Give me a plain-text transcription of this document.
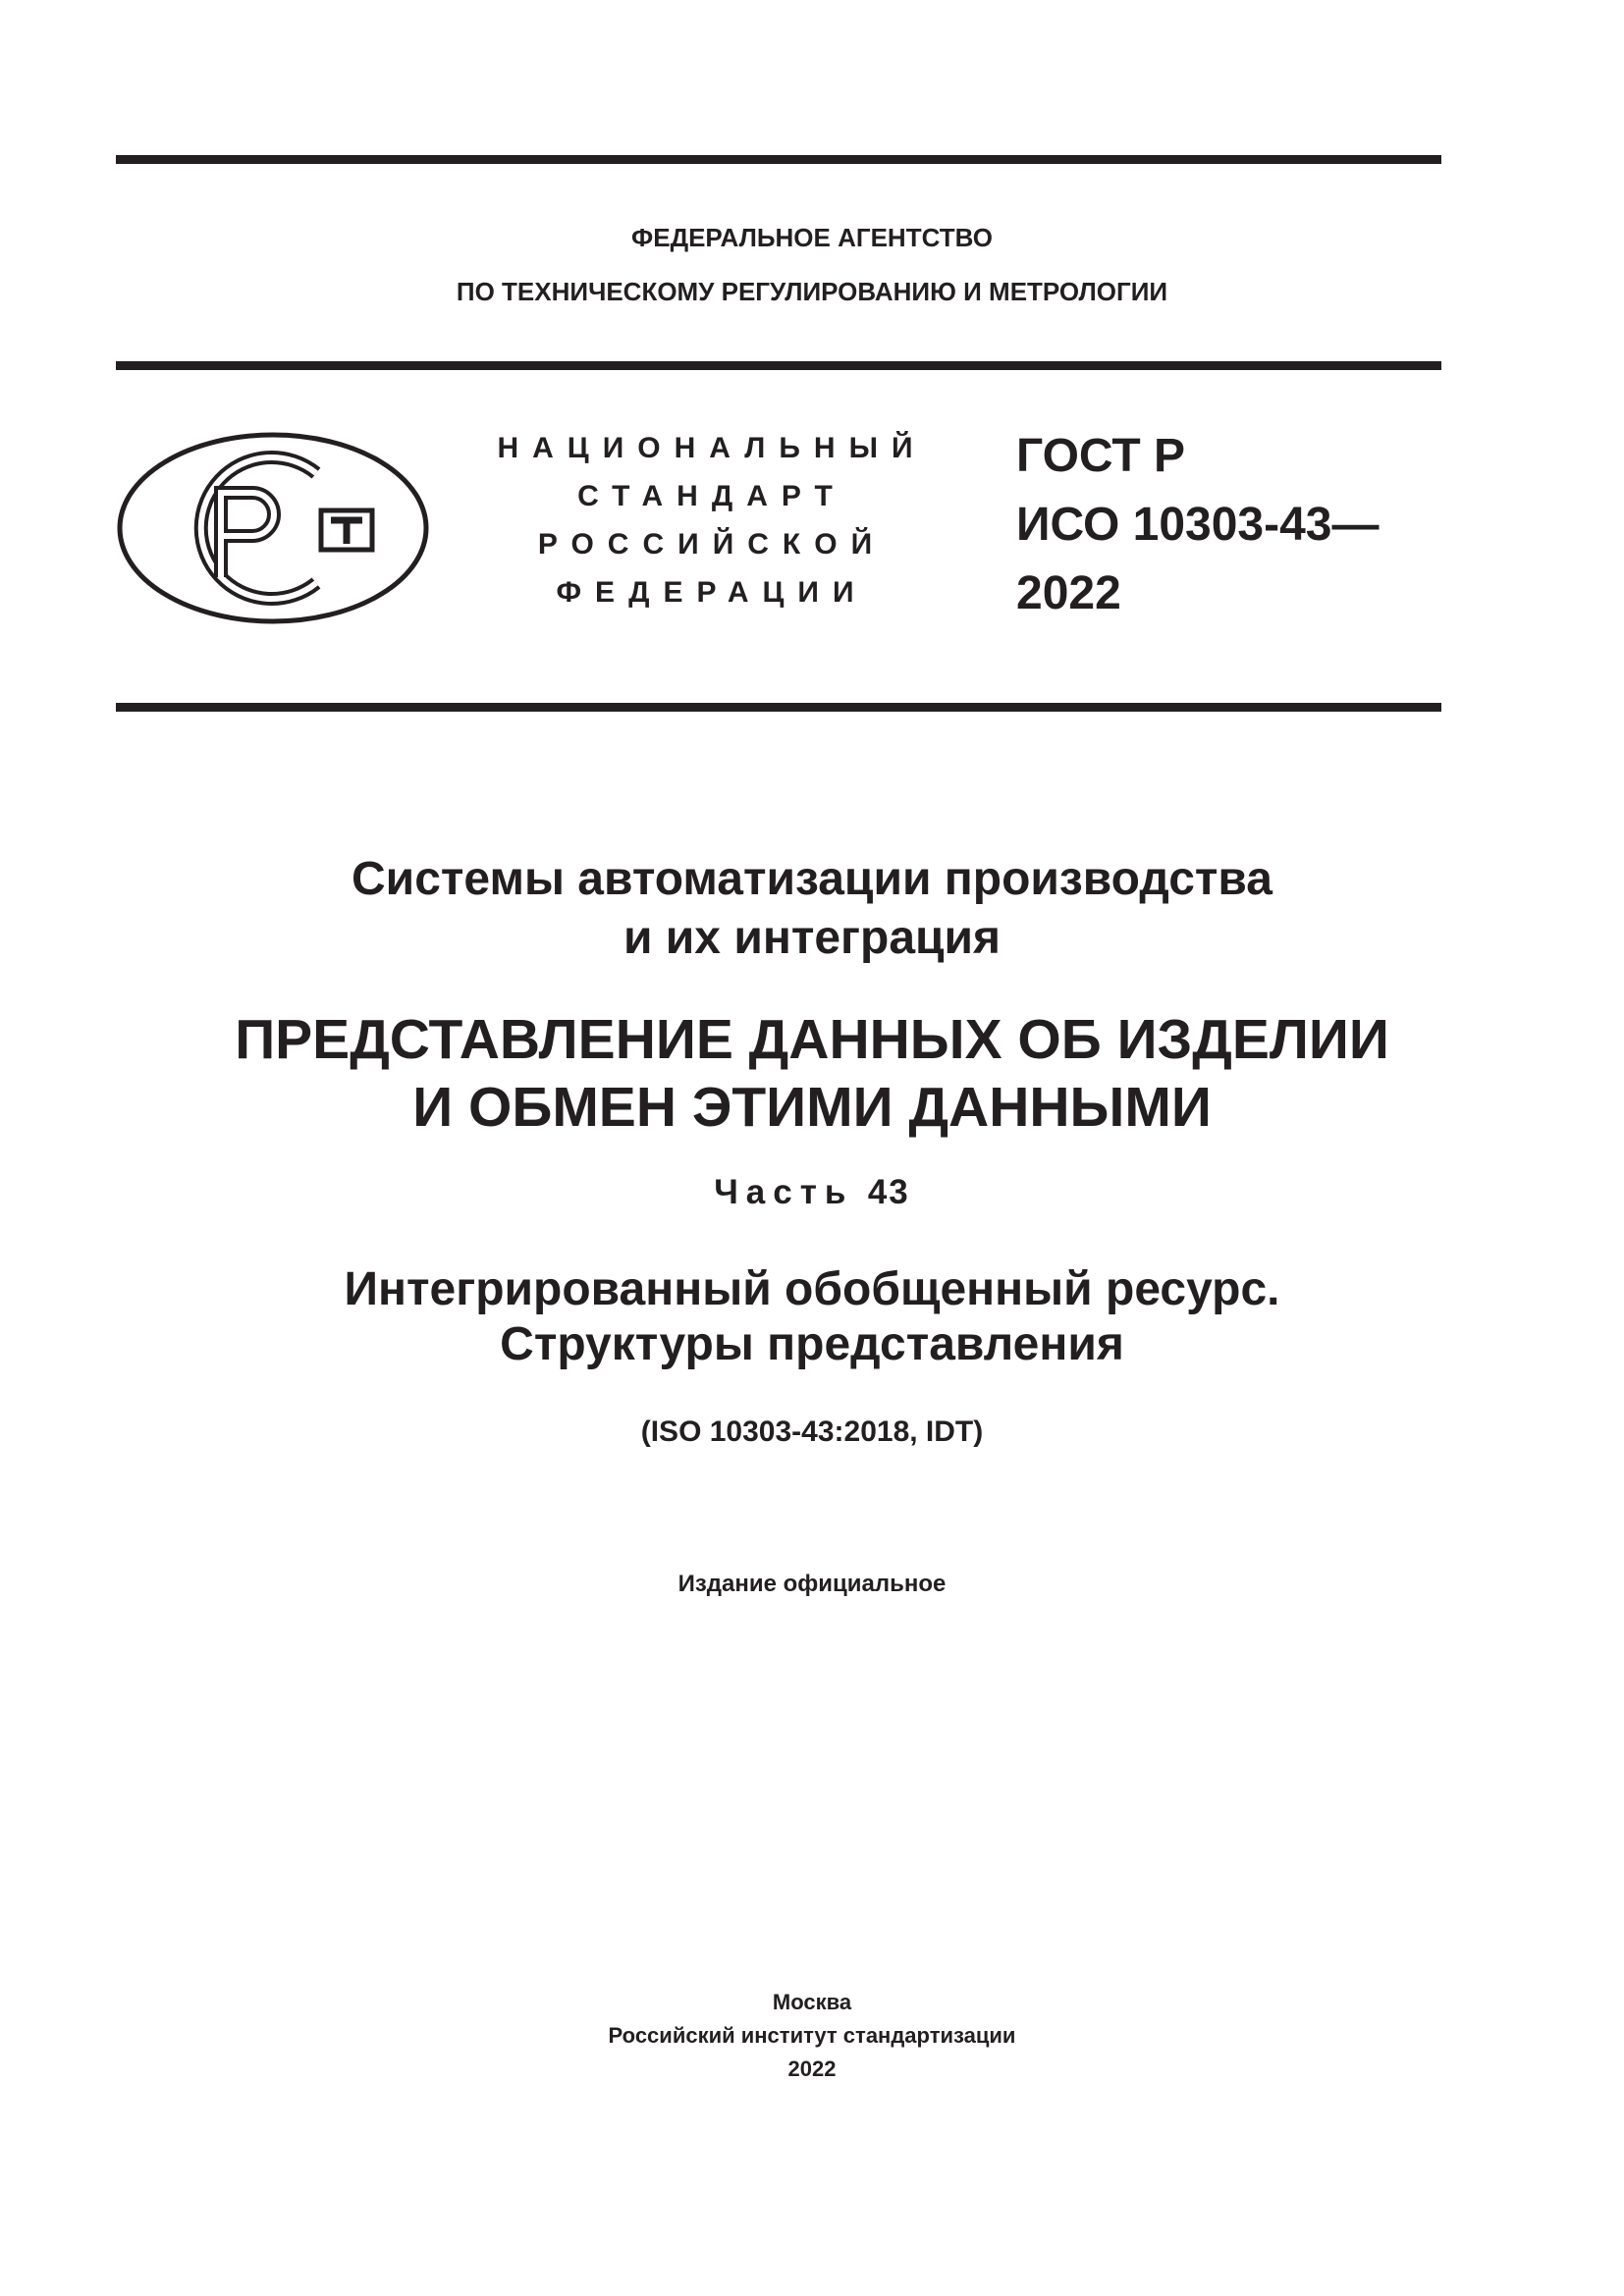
ФЕДЕРАЛЬНОЕ АГЕНТСТВО
ПО ТЕХНИЧЕСКОМУ РЕГУЛИРОВАНИЮ И МЕТРОЛОГИИ
НАЦИОНАЛЬНЫЙ
СТАНДАРТ
РОССИЙСКОЙ
ФЕДЕРАЦИИ
ГОСТ Р
ИСО 10303-43—
2022
Системы автоматизации производства
и их интеграция
ПРЕДСТАВЛЕНИЕ ДАННЫХ ОБ ИЗДЕЛИИ
И ОБМЕН ЭТИМИ ДАННЫМИ
Часть 43
Интегрированный обобщенный ресурс.
Структуры представления
(ISO 10303-43:2018, IDT)
Издание официальное
Москва
Российский институт стандартизации
2022
